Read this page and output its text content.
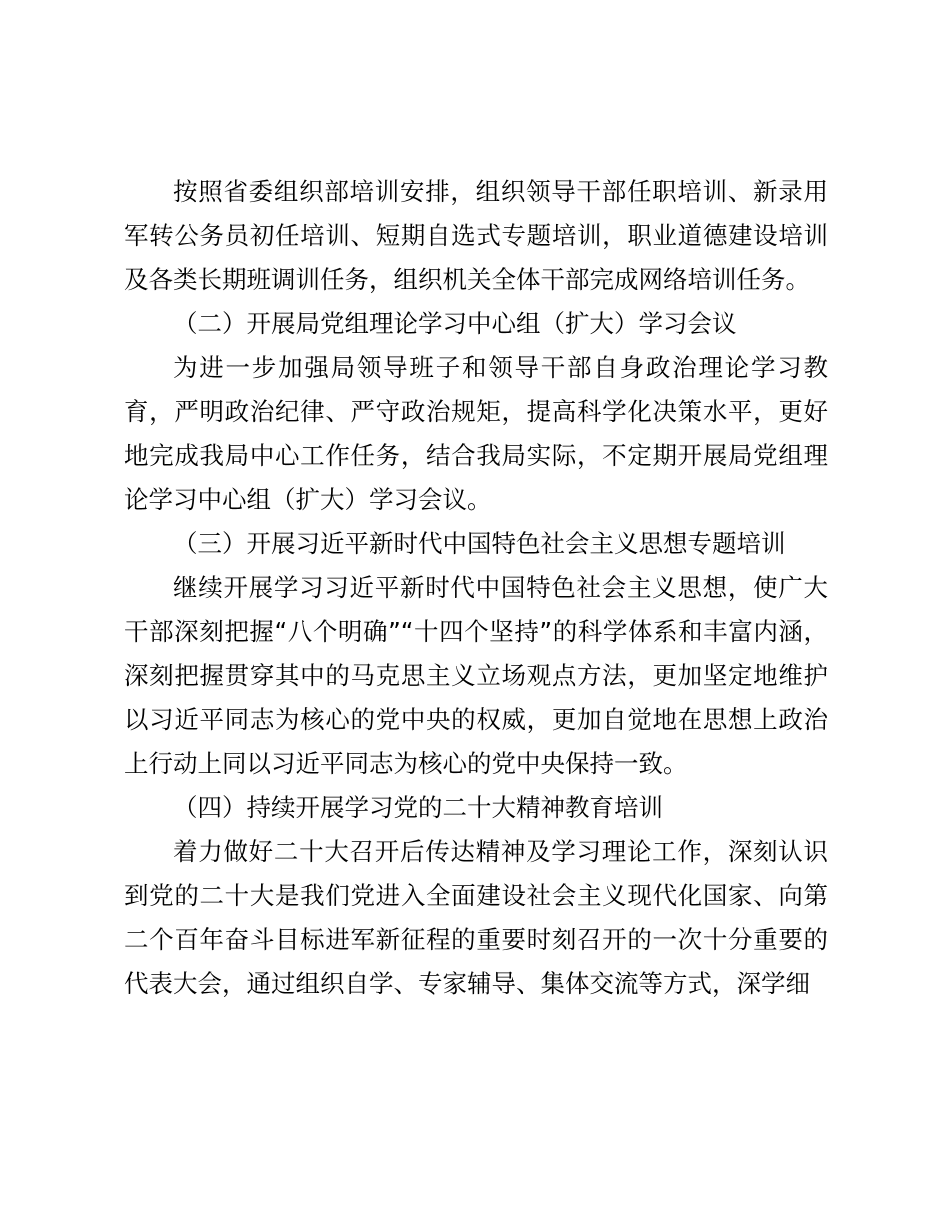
按照省委组织部培训安排，组织领导干部任职培训、新录用军转公务员初任培训、短期自选式专题培训，职业道德建设培训及各类长期班调训任务，组织机关全体干部完成网络培训任务。

（二）开展局党组理论学习中心组（扩大）学习会议

为进一步加强局领导班子和领导干部自身政治理论学习教育，严明政治纪律、严守政治规矩，提高科学化决策水平，更好地完成我局中心工作任务，结合我局实际，不定期开展局党组理论学习中心组（扩大）学习会议。

（三）开展习近平新时代中国特色社会主义思想专题培训

继续开展学习习近平新时代中国特色社会主义思想，使广大干部深刻把握“八个明确”“十四个坚持”的科学体系和丰富内涵，深刻把握贯穿其中的马克思主义立场观点方法，更加坚定地维护以习近平同志为核心的党中央的权威，更加自觉地在思想上政治上行动上同以习近平同志为核心的党中央保持一致。

（四）持续开展学习党的二十大精神教育培训

着力做好二十大召开后传达精神及学习理论工作，深刻认识到党的二十大是我们党进入全面建设社会主义现代化国家、向第二个百年奋斗目标进军新征程的重要时刻召开的一次十分重要的代表大会，通过组织自学、专家辅导、集体交流等方式，深学细
